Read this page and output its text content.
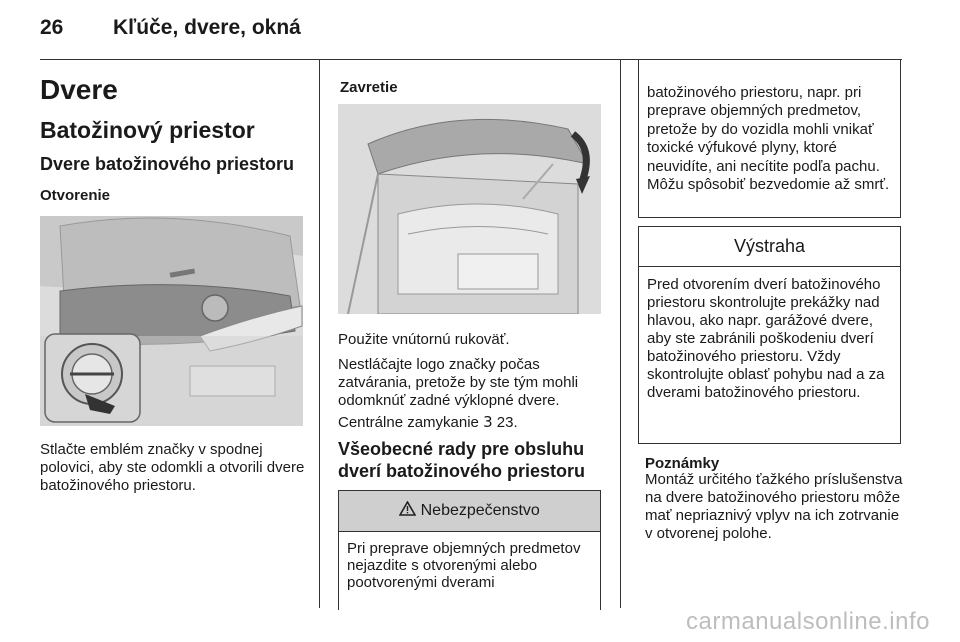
26 Kľúče, dvere, okná
Dvere
Batožinový priestor
Dvere batožinového priestoru
Otvorenie
Stlačte emblém značky v spodnej polovici, aby ste odomkli a otvorili dvere batožinového priestoru.
Zavretie
Použite vnútornú rukoväť.
Nestláčajte logo značky počas zatvárania, pretože by ste tým mohli odomknúť zadné výklopné dvere.
Centrálne zamykanie 3 23.
Všeobecné rady pre obsluhu dverí batožinového priestoru
Nebezpečenstvo
Pri preprave objemných predmetov nejazdite s otvorenými alebo pootvorenými dverami
batožinového priestoru, napr. pri preprave objemných predmetov, pretože by do vozidla mohli vnikať toxické výfukové plyny, ktoré neuvidíte, ani necítite podľa pachu. Môžu spôsobiť bezvedomie až smrť.
Výstraha
Pred otvorením dverí batožinového priestoru skontrolujte prekážky nad hlavou, ako napr. garážové dvere, aby ste zabránili poškodeniu dverí batožinového priestoru. Vždy skontrolujte oblasť pohybu nad a za dverami batožinového priestoru.
Poznámky
Montáž určitého ťažkého príslušenstva na dvere batožinového priestoru môže mať nepriaznivý vplyv na ich zotrvanie v otvorenej polohe.
carmanualsonline.info
